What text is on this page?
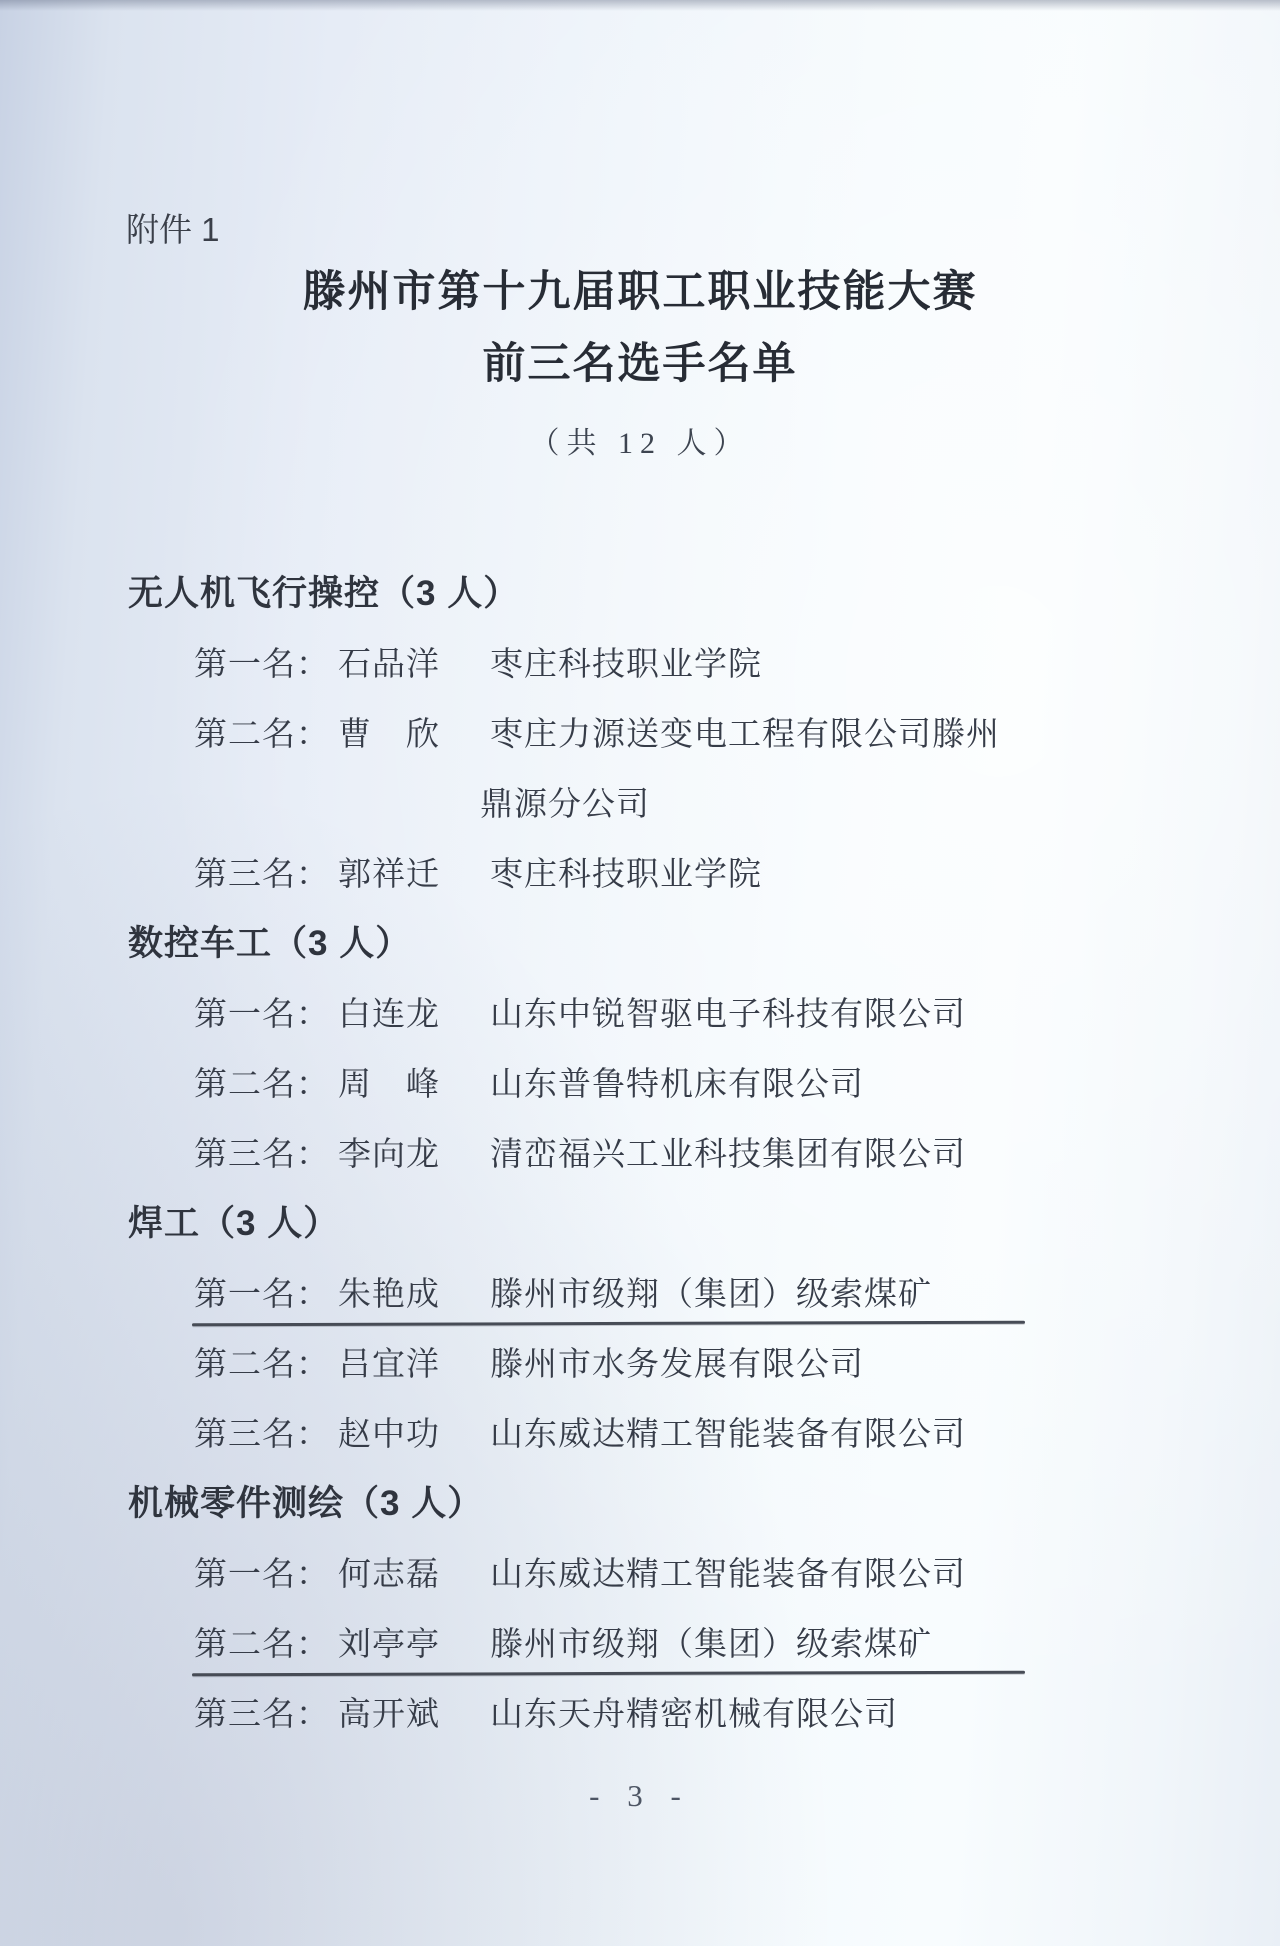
附件 1
滕州市第十九届职工职业技能大赛
前三名选手名单
（共 12 人）
无人机飞行操控（3 人）
第一名： 石品洋	枣庄科技职业学院
第二名： 曹　欣	枣庄力源送变电工程有限公司滕州
鼎源分公司
第三名： 郭祥迁	枣庄科技职业学院
数控车工（3 人）
第一名： 白连龙	山东中锐智驱电子科技有限公司
第二名： 周　峰	山东普鲁特机床有限公司
第三名： 李向龙	清峦福兴工业科技集团有限公司
焊工（3 人）
第一名： 朱艳成	滕州市级翔（集团）级索煤矿
第二名： 吕宜洋	滕州市水务发展有限公司
第三名： 赵中功	山东威达精工智能装备有限公司
机械零件测绘（3 人）
第一名： 何志磊	山东威达精工智能装备有限公司
第二名： 刘亭亭	滕州市级翔（集团）级索煤矿
第三名： 高开斌	山东天舟精密机械有限公司
- 3 -
